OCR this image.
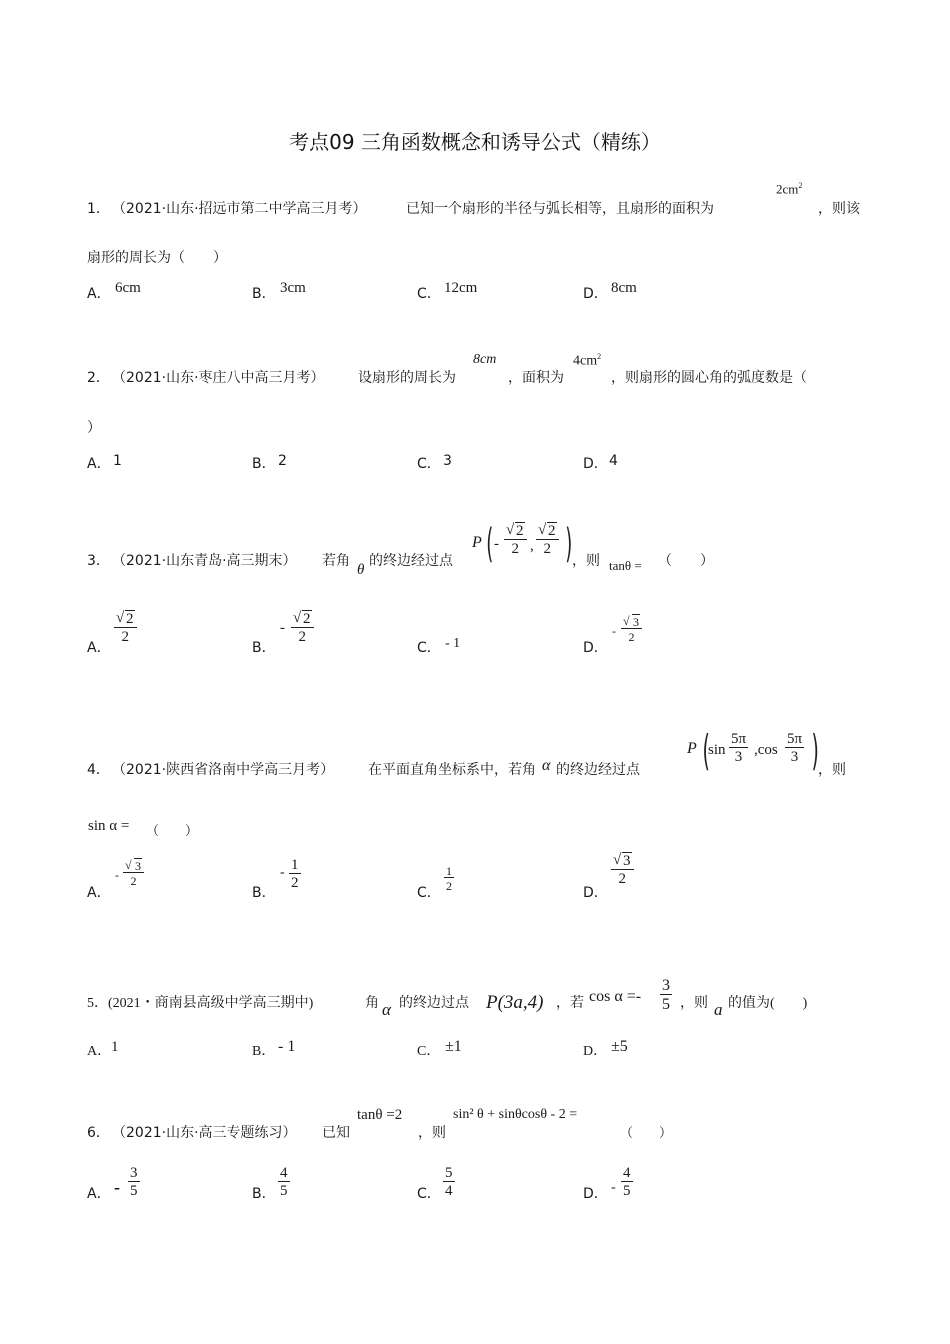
考点09 三角函数概念和诱导公式（精练）
1． （2021·山东·招远市第二中学高三月考）	已知一个扇形的半径与弧长相等，且扇形的面积为
$2cm^2$
，则该
扇形的周长为（　　）
A． 6cm	B． 3cm	C． 12cm	D． 8cm
2． （2021·山东·枣庄八中高三月考） 设扇形的周长为
8cm
，面积为
$4cm^2$
，则扇形的圆心角的弧度数是（
）
A． 1	B． 2	C． 3	D． 4
3． （2021·山东青岛·高三期末） 若角
θ
的终边经过点
P ( - √ $\frac{2}{2}$ , √ $\frac{2}{2}$ ) ，则 tanθ = （　　）
A．
√ $\frac{2}{2}$
B．
- √ $\frac{2}{2}$
C． - 1	D．
- √ $\frac{3}{2}$
4． （2021·陕西省洛南中学高三月考） 在平面直角坐标系中，若角 α 的终边经过点
P (
$\sin \frac{5\pi}{3} ,\cos \frac{5\pi}{3}$ ) ，则
sin α = （　　）
A．
- √ $\frac{3}{2}$
B．
- $\frac{1}{2}$
C．
$\frac{1}{2}$
D．
√ $\frac{3}{2}$
5． (2021・商南县高级中学高三期中)	角 α 的终边过点 P(3a,4) ，若 $\cos \alpha =- \frac{3}{5}$ ，则 a 的值为(　　)
A． 1	B． - 1	C． ±1	D． ±5
6． （2021·山东·高三专题练习） 已知
tanθ =2
，则
sin² θ + sinθcosθ - 2 =
（　　）
A． - $\frac{3}{5}$	B． $\frac{4}{5}$	C． $\frac{5}{4}$	D． - $\frac{4}{5}$
